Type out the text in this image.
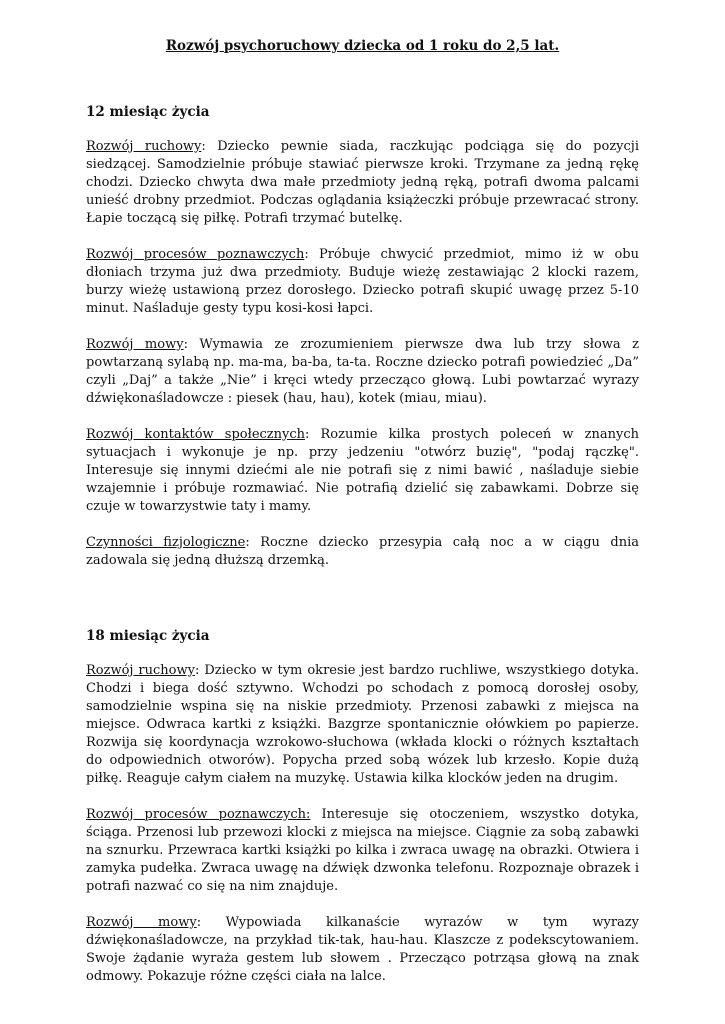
Rozwój psychoruchowy dziecka od 1 roku do 2,5 lat.

12 miesiąc życia

Rozwój ruchowy: Dziecko pewnie siada, raczkując podciąga się do pozycji siedzącej. Samodzielnie próbuje stawiać pierwsze kroki. Trzymane za jedną rękę chodzi. Dziecko chwyta dwa małe przedmioty jedną ręką, potrafi dwoma palcami unieść drobny przedmiot. Podczas oglądania książeczki próbuje przewracać strony. Łapie toczącą się piłkę. Potrafi trzymać butelkę.

Rozwój procesów poznawczych: Próbuje chwycić przedmiot, mimo iż w obu dłoniach trzyma już dwa przedmioty. Buduje wieżę zestawiając 2 klocki razem, burzy wieżę ustawioną przez dorosłego. Dziecko potrafi skupić uwagę przez 5-10 minut. Naśladuje gesty typu kosi-kosi łapci.

Rozwój mowy: Wymawia ze zrozumieniem pierwsze dwa lub trzy słowa z powtarzaną sylabą np. ma-ma, ba-ba, ta-ta. Roczne dziecko potrafi powiedzieć „Da” czyli „Daj” a także „Nie” i kręci wtedy przecząco głową. Lubi powtarzać wyrazy dźwiękonaśladowcze : piesek (hau, hau), kotek (miau, miau).

Rozwój kontaktów społecznych: Rozumie kilka prostych poleceń w znanych sytuacjach i wykonuje je np. przy jedzeniu "otwórz buzię", "podaj rączkę". Interesuje się innymi dziećmi ale nie potrafi się z nimi bawić , naśladuje siebie wzajemnie i próbuje rozmawiać. Nie potrafią dzielić się zabawkami. Dobrze się czuje w towarzystwie taty i mamy.

Czynności fizjologiczne: Roczne dziecko przesypia całą noc a w ciągu dnia zadowala się jedną dłuższą drzemką.

18 miesiąc życia

Rozwój ruchowy: Dziecko w tym okresie jest bardzo ruchliwe, wszystkiego dotyka. Chodzi i biega dość sztywno. Wchodzi po schodach z pomocą dorosłej osoby, samodzielnie wspina się na niskie przedmioty. Przenosi zabawki z miejsca na miejsce. Odwraca kartki z książki. Bazgrze spontanicznie ołówkiem po papierze. Rozwija się koordynacja wzrokowo-słuchowa (wkłada klocki o różnych kształtach do odpowiednich otworów). Popycha przed sobą wózek lub krzesło. Kopie dużą piłkę. Reaguje całym ciałem na muzykę. Ustawia kilka klocków jeden na drugim.

Rozwój procesów poznawczych: Interesuje się otoczeniem, wszystko dotyka, ściąga. Przenosi lub przewozi klocki z miejsca na miejsce. Ciągnie za sobą zabawki na sznurku. Przewraca kartki książki po kilka i zwraca uwagę na obrazki. Otwiera i zamyka pudełka. Zwraca uwagę na dźwięk dzwonka telefonu. Rozpoznaje obrazek i potrafi nazwać co się na nim znajduje.

Rozwój mowy: Wypowiada kilkanaście wyrazów w tym wyrazy dźwiękonaśladowcze, na przykład tik-tak, hau-hau. Klaszcze z podekscytowaniem. Swoje żądanie wyraża gestem lub słowem . Przecząco potrząsa głową na znak odmowy. Pokazuje różne części ciała na lalce.
